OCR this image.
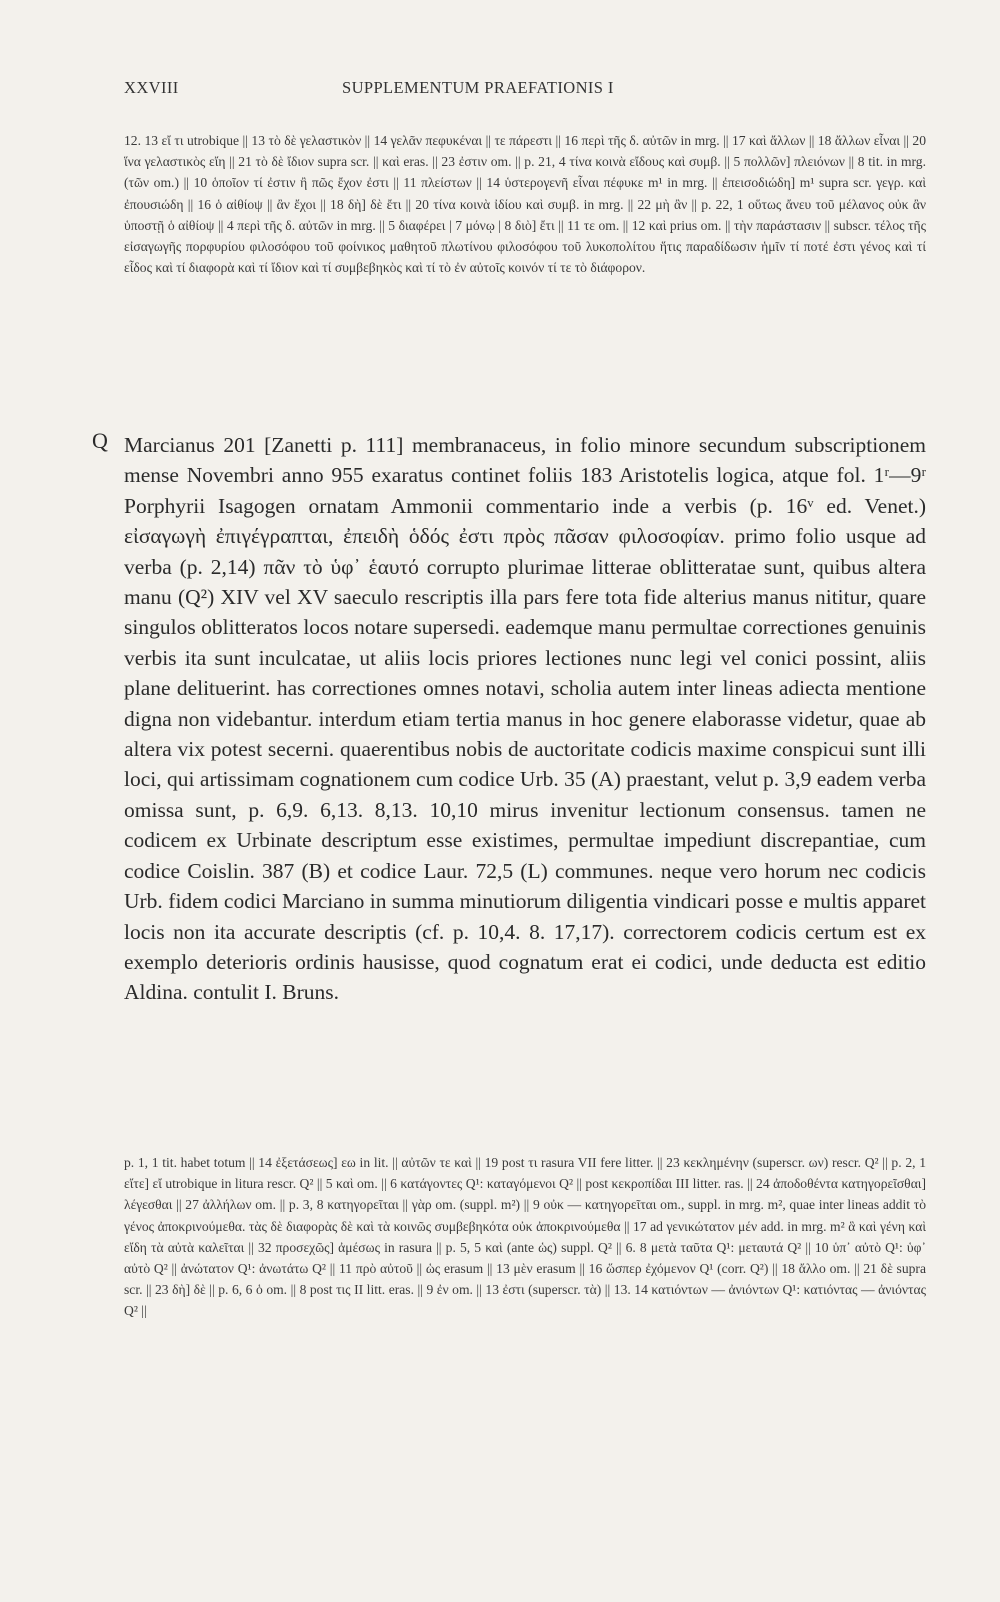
XXVIII	SUPPLEMENTUM PRAEFATIONIS I

12. 13 εἴ τι utrobique || 13 τὸ δὲ γελαστικὸν || 14 γελᾶν πεφυκέναι || τε πάρεστι || 16 περὶ τῆς δ. αὐτῶν in mrg. || 17 καὶ ἄλλων || 18 ἄλλων εἶναι || 20 ἵνα γελαστικὸς εἴη || 21 τὸ δὲ ἴδιον supra scr. || καὶ eras. || 23 ἐστιν om. || p. 21, 4 τίνα κοινὰ εἴδους καὶ συμβ. || 5 πολλῶν] πλειόνων || 8 tit. in mrg. (τῶν om.) || 10 ὁποῖον τί ἐστιν ἢ πῶς ἔχον ἐστι || 11 πλείστων || 14 ὑστερογενῆ εἶναι πέφυκε m¹ in mrg. || ἐπεισοδιώδη] m¹ supra scr. γεγρ. καὶ ἐπουσιώδη || 16 ὁ αἰθίοψ || ἂν ἔχοι || 18 δὴ] δὲ ἔτι || 20 τίνα κοινὰ ἰδίου καὶ συμβ. in mrg. || 22 μὴ ἂν || p. 22, 1 οὕτως ἄνευ τοῦ μέλανος οὐκ ἂν ὑποστῇ ὁ αἰθίοψ || 4 περὶ τῆς δ. αὐτῶν in mrg. || 5 διαφέρει | 7 μόνῳ | 8 διὸ] ἔτι || 11 τε om. || 12 καὶ prius om. || τὴν παράστασιν || subscr. τέλος τῆς εἰσαγωγῆς πορφυρίου φιλοσόφου τοῦ φοίνικος μαθητοῦ πλωτίνου φιλοσόφου τοῦ λυκοπολίτου ἥτις παραδίδωσιν ἡμῖν τί ποτέ ἐστι γένος καὶ τί εἶδος καὶ τί διαφορὰ καὶ τί ἴδιον καὶ τί συμβεβηκὸς καὶ τί τὸ ἐν αὐτοῖς κοινόν τί τε τὸ διάφορον.

Q Marcianus 201 [Zanetti p. 111] membranaceus, in folio minore secundum subscriptionem mense Novembri anno 955 exaratus continet foliis 183 Aristotelis logica, atque fol. 1ʳ—9ʳ Porphyrii Isagogen ornatam Ammonii commentario inde a verbis (p. 16ᵛ ed. Venet.) εἰσαγωγὴ ἐπιγέγραπται, ἐπειδὴ ὁδός ἐστι πρὸς πᾶσαν φιλοσοφίαν. primo folio usque ad verba (p. 2,14) πᾶν τὸ ὑφ᾽ ἑαυτό corrupto plurimae litterae oblitteratae sunt, quibus altera manu (Q²) XIV vel XV saeculo rescriptis illa pars fere tota fide alterius manus nititur, quare singulos oblitteratos locos notare supersedi. eademque manu permultae correctiones genuinis verbis ita sunt inculcatae, ut aliis locis priores lectiones nunc legi vel conici possint, aliis plane delituerint. has correctiones omnes notavi, scholia autem inter lineas adiecta mentione digna non videbantur. interdum etiam tertia manus in hoc genere elaborasse videtur, quae ab altera vix potest secerni. quaerentibus nobis de auctoritate codicis maxime conspicui sunt illi loci, qui artissimam cognationem cum codice Urb. 35 (A) praestant, velut p. 3,9 eadem verba omissa sunt, p. 6,9. 6,13. 8,13. 10,10 mirus invenitur lectionum consensus. tamen ne codicem ex Urbinate descriptum esse existimes, permultae impediunt discrepantiae, cum codice Coislin. 387 (B) et codice Laur. 72,5 (L) communes. neque vero horum nec codicis Urb. fidem codici Marciano in summa minutiorum diligentia vindicari posse e multis apparet locis non ita accurate descriptis (cf. p. 10,4. 8. 17,17). correctorem codicis certum est ex exemplo deterioris ordinis hausisse, quod cognatum erat ei codici, unde deducta est editio Aldina. contulit I. Bruns.

p. 1, 1 tit. habet totum || 14 ἐξετάσεως] εω in lit. || αὐτῶν τε καὶ || 19 post τι rasura VII fere litter. || 23 κεκλημένην (superscr. ων) rescr. Q² || p. 2, 1 εἴτε] εἴ utrobique in litura rescr. Q² || 5 καὶ om. || 6 κατάγοντες Q¹: καταγόμενοι Q² || post κεκροπίδαι III litter. ras. || 24 ἀποδοθέντα κατηγορεῖσθαι] λέγεσθαι || 27 ἀλλήλων om. || p. 3, 8 κατηγορεῖται || γὰρ om. (suppl. m²) || 9 οὐκ — κατηγορεῖται om., suppl. in mrg. m², quae inter lineas addit τὸ γένος ἀποκρινούμεθα. τὰς δὲ διαφορὰς δὲ καὶ τὰ κοινῶς συμβεβηκότα οὐκ ἀποκρινούμεθα || 17 ad γενικώτατον μέν add. in mrg. m² ἃ καὶ γένη καὶ εἴδη τὰ αὐτὰ καλεῖται || 32 προσεχῶς] ἀμέσως in rasura || p. 5, 5 καὶ (ante ὡς) suppl. Q² || 6. 8 μετὰ ταῦτα Q¹: μεταυτά Q² || 10 ὑπ᾽ αὐτὸ Q¹: ὑφ᾽ αὐτὸ Q² || ἀνώτατον Q¹: ἀνωτάτω Q² || 11 πρὸ αὐτοῦ || ὡς erasum || 13 μὲν erasum || 16 ὥσπερ ἐχόμενον Q¹ (corr. Q²) || 18 ἄλλο om. || 21 δὲ supra scr. || 23 δὴ] δὲ || p. 6, 6 ὁ om. || 8 post τις II litt. eras. || 9 ἐν om. || 13 ἐστι (superscr. τὰ) || 13. 14 κατιόντων — ἀνιόντων Q¹: κατιόντας — ἀνιόντας Q² ||
